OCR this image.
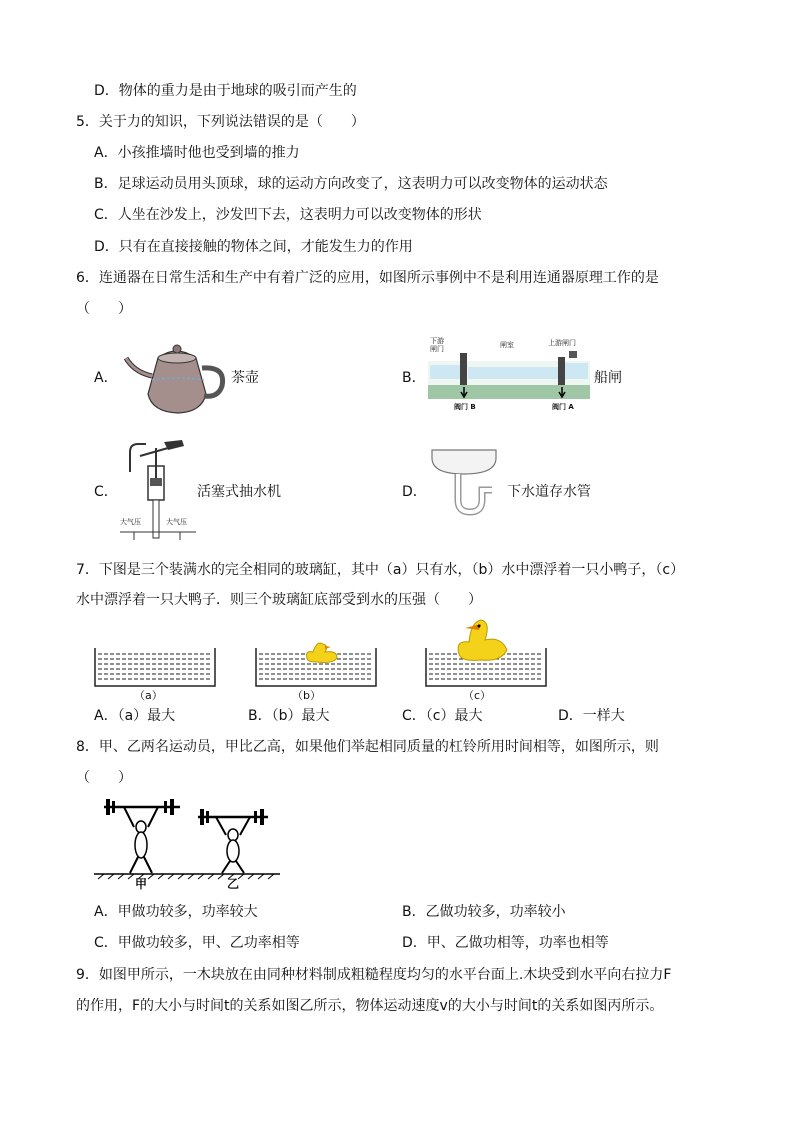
D．物体的重力是由于地球的吸引而产生的
5．关于力的知识，下列说法错误的是（　　）
A．小孩推墙时他也受到墙的推力
B．足球运动员用头顶球，球的运动方向改变了，这表明力可以改变物体的运动状态
C．人坐在沙发上，沙发凹下去，这表明力可以改变物体的形状
D．只有在直接接触的物体之间，才能发生力的作用
6．连通器在日常生活和生产中有着广泛的应用，如图所示事例中不是利用连通器原理工作的是
（　　）
A．	茶壶	B．
下游
闸门	闸室	上游闸门
阀门 B	阀门 A
船闸
C．
大气压	大气压
活塞式抽水机	D．	下水道存水管
7．下图是三个装满水的完全相同的玻璃缸，其中（a）只有水，（b）水中漂浮着一只小鸭子，（c）
水中漂浮着一只大鸭子．则三个玻璃缸底部受到水的压强（　　）
（a）	（b）	（c）
A．（a）最大	B．（b）最大	C．（c）最大	D．一样大
8．甲、乙两名运动员，甲比乙高，如果他们举起相同质量的杠铃所用时间相等，如图所示，则
（　　）
甲	乙
A．甲做功较多，功率较大	B．乙做功较多，功率较小
C．甲做功较多，甲、乙功率相等	D．甲、乙做功相等，功率也相等
9．如图甲所示，一木块放在由同种材料制成粗糙程度均匀的水平台面上.木块受到水平向右拉力F
的作用，F的大小与时间t的关系如图乙所示，物体运动速度v的大小与时间t的关系如图丙所示。
